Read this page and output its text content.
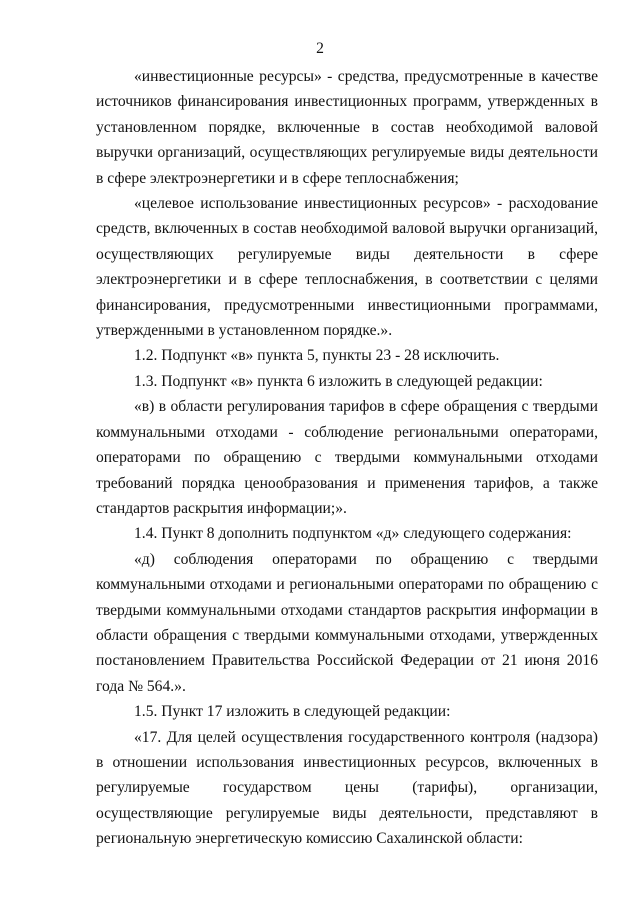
2

«инвестиционные ресурсы» - средства, предусмотренные в качестве источников финансирования инвестиционных программ, утвержденных в установленном порядке, включенные в состав необходимой валовой выручки организаций, осуществляющих регулируемые виды деятельности в сфере электроэнергетики и в сфере теплоснабжения;

«целевое использование инвестиционных ресурсов» - расходование средств, включенных в состав необходимой валовой выручки организаций, осуществляющих регулируемые виды деятельности в сфере электроэнергетики и в сфере теплоснабжения, в соответствии с целями финансирования, предусмотренными инвестиционными программами, утвержденными в установленном порядке.».

1.2. Подпункт «в» пункта 5, пункты 23 - 28 исключить.

1.3. Подпункт «в» пункта 6 изложить в следующей редакции:

«в) в области регулирования тарифов в сфере обращения с твердыми коммунальными отходами - соблюдение региональными операторами, операторами по обращению с твердыми коммунальными отходами требований порядка ценообразования и применения тарифов, а также стандартов раскрытия информации;».

1.4. Пункт 8 дополнить подпунктом «д» следующего содержания:

«д) соблюдения операторами по обращению с твердыми коммунальными отходами и региональными операторами по обращению с твердыми коммунальными отходами стандартов раскрытия информации в области обращения с твердыми коммунальными отходами, утвержденных постановлением Правительства Российской Федерации от 21 июня 2016 года № 564.».

1.5. Пункт 17 изложить в следующей редакции:

«17. Для целей осуществления государственного контроля (надзора) в отношении использования инвестиционных ресурсов, включенных в регулируемые государством цены (тарифы), организации, осуществляющие регулируемые виды деятельности, представляют в региональную энергетическую комиссию Сахалинской области:
